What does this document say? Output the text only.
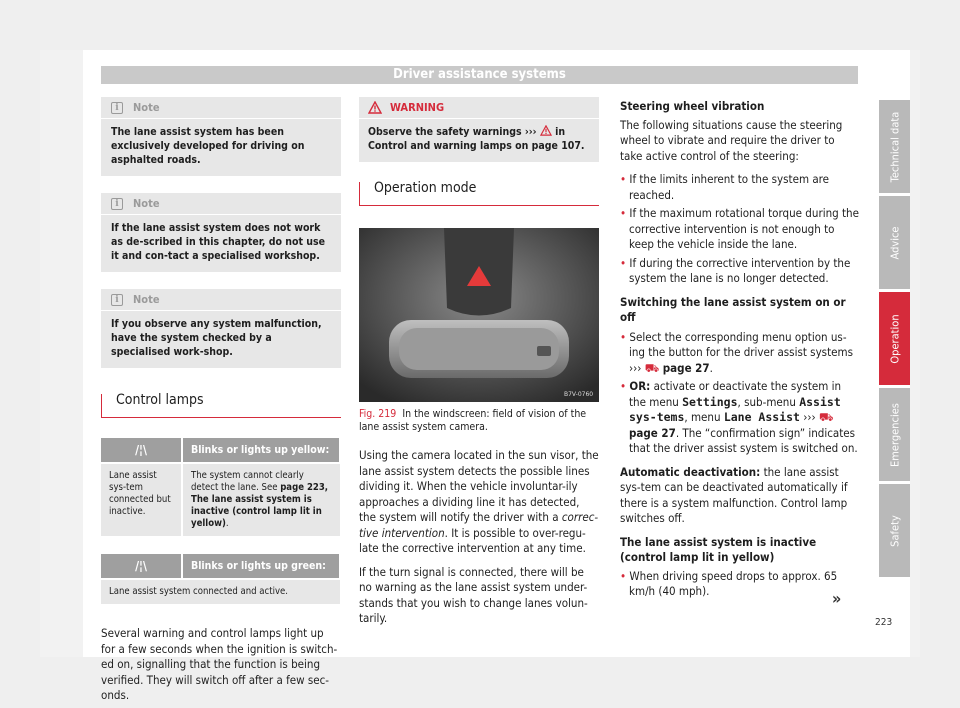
Driver assistance systems
i	Note
The lane assist system has been exclusively developed for driving on asphalted roads.
i	Note
If the lane assist system does not work as de-scribed in this chapter, do not use it and con-tact a specialised workshop.
i	Note
If you observe any system malfunction, have the system checked by a specialised work-shop.
Control lamps
/¦\	Blinks or lights up yellow:
Lane assist sys-tem connected but inactive.	The system cannot clearly detect the lane. See page 223, The lane assist system is inactive (control lamp lit in yellow).
/¦\	Blinks or lights up green:
Lane assist system connected and active.
Several warning and control lamps light up for a few seconds when the ignition is switch-ed on, signalling that the function is being verified. They will switch off after a few sec-onds.
WARNING
Observe the safety warnings ›››  in Control and warning lamps on page 107.
Operation mode
B7V-0760
Fig. 219 In the windscreen: field of vision of the lane assist system camera.

Using the camera located in the sun visor, the lane assist system detects the possible lines dividing it. When the vehicle involuntar-ily approaches a dividing line it has detected, the system will notify the driver with a correc-tive intervention. It is possible to over-regu-late the corrective intervention at any time.

If the turn signal is connected, there will be no warning as the lane assist system under-stands that you wish to change lanes volun-tarily.

Steering wheel vibration

The following situations cause the steering wheel to vibrate and require the driver to take active control of the steering:

• If the limits inherent to the system are reached.
• If the maximum rotational torque during the corrective intervention is not enough to keep the vehicle inside the lane.
• If during the corrective intervention by the system the lane is no longer detected.
Switching the lane assist system on or off
• Select the corresponding menu option us-ing the button for the driver assist systems ››› ⛟ page 27.
• OR: activate or deactivate the system in the menu Settings, sub-menu Assist sys-tems, menu Lane Assist ››› ⛟ page 27. The “confirmation sign” indicates that the driver assist system is switched on.

Automatic deactivation: the lane assist sys-tem can be deactivated automatically if there is a system malfunction. Control lamp switches off.

The lane assist system is inactive (control lamp lit in yellow)
• When driving speed drops to approx. 65 km/h (40 mph).	»
Technical data
Advice
Operation
Emergencies
Safety
223
